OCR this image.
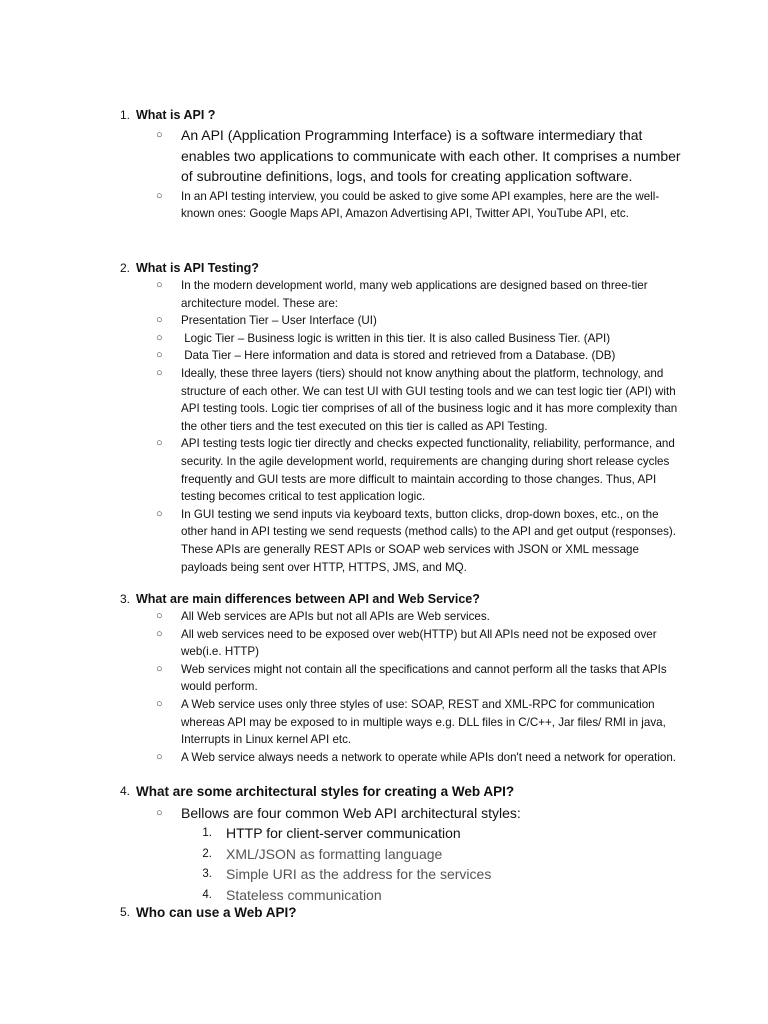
1. What is API ?
○ An API (Application Programming Interface) is a software intermediary that enables two applications to communicate with each other. It comprises a number of subroutine definitions, logs, and tools for creating application software.
○ In an API testing interview, you could be asked to give some API examples, here are the well-known ones: Google Maps API, Amazon Advertising API, Twitter API, YouTube API, etc.
2. What is API Testing?
○ In the modern development world, many web applications are designed based on three-tier architecture model. These are:
○ Presentation Tier – User Interface (UI)
○ Logic Tier – Business logic is written in this tier. It is also called Business Tier. (API)
○ Data Tier – Here information and data is stored and retrieved from a Database. (DB)
○ Ideally, these three layers (tiers) should not know anything about the platform, technology, and structure of each other. We can test UI with GUI testing tools and we can test logic tier (API) with API testing tools. Logic tier comprises of all of the business logic and it has more complexity than the other tiers and the test executed on this tier is called as API Testing.
○ API testing tests logic tier directly and checks expected functionality, reliability, performance, and security. In the agile development world, requirements are changing during short release cycles frequently and GUI tests are more difficult to maintain according to those changes. Thus, API testing becomes critical to test application logic.
○ In GUI testing we send inputs via keyboard texts, button clicks, drop-down boxes, etc., on the other hand in API testing we send requests (method calls) to the API and get output (responses). These APIs are generally REST APIs or SOAP web services with JSON or XML message payloads being sent over HTTP, HTTPS, JMS, and MQ.
3. What are main differences between API and Web Service?
○ All Web services are APIs but not all APIs are Web services.
○ All web services need to be exposed over web(HTTP) but All APIs need not be exposed over web(i.e. HTTP)
○ Web services might not contain all the specifications and cannot perform all the tasks that APIs would perform.
○ A Web service uses only three styles of use: SOAP, REST and XML-RPC for communication whereas API may be exposed to in multiple ways e.g. DLL files in C/C++, Jar files/ RMI in java, Interrupts in Linux kernel API etc.
○ A Web service always needs a network to operate while APIs don't need a network for operation.
4. What are some architectural styles for creating a Web API?
○ Bellows are four common Web API architectural styles:
1. HTTP for client-server communication
2. XML/JSON as formatting language
3. Simple URI as the address for the services
4. Stateless communication
5. Who can use a Web API?
